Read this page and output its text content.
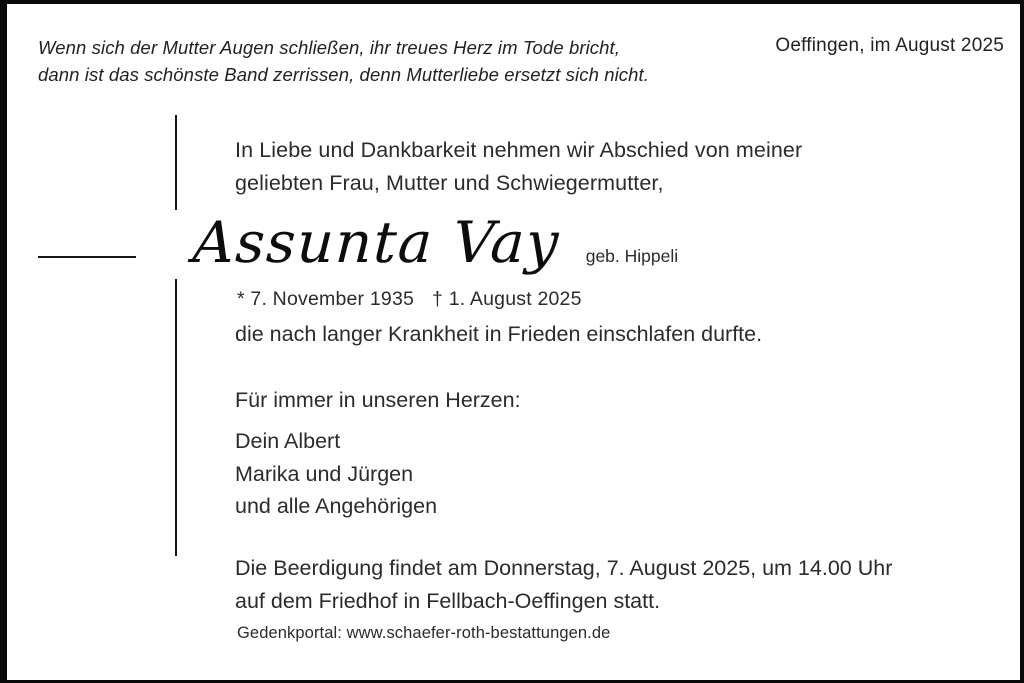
Wenn sich der Mutter Augen schließen, ihr treues Herz im Tode bricht,
dann ist das schönste Band zerrissen, denn Mutterliebe ersetzt sich nicht.
Oeffingen, im August 2025
In Liebe und Dankbarkeit nehmen wir Abschied von meiner
geliebten Frau, Mutter und Schwiegermutter,
Assunta Vay geb. Hippeli
* 7. November 1935 † 1. August 2025
die nach langer Krankheit in Frieden einschlafen durfte.
Für immer in unseren Herzen:
Dein Albert
Marika und Jürgen
und alle Angehörigen
Die Beerdigung findet am Donnerstag, 7. August 2025, um 14.00 Uhr
auf dem Friedhof in Fellbach-Oeffingen statt.
Gedenkportal: www.schaefer-roth-bestattungen.de
